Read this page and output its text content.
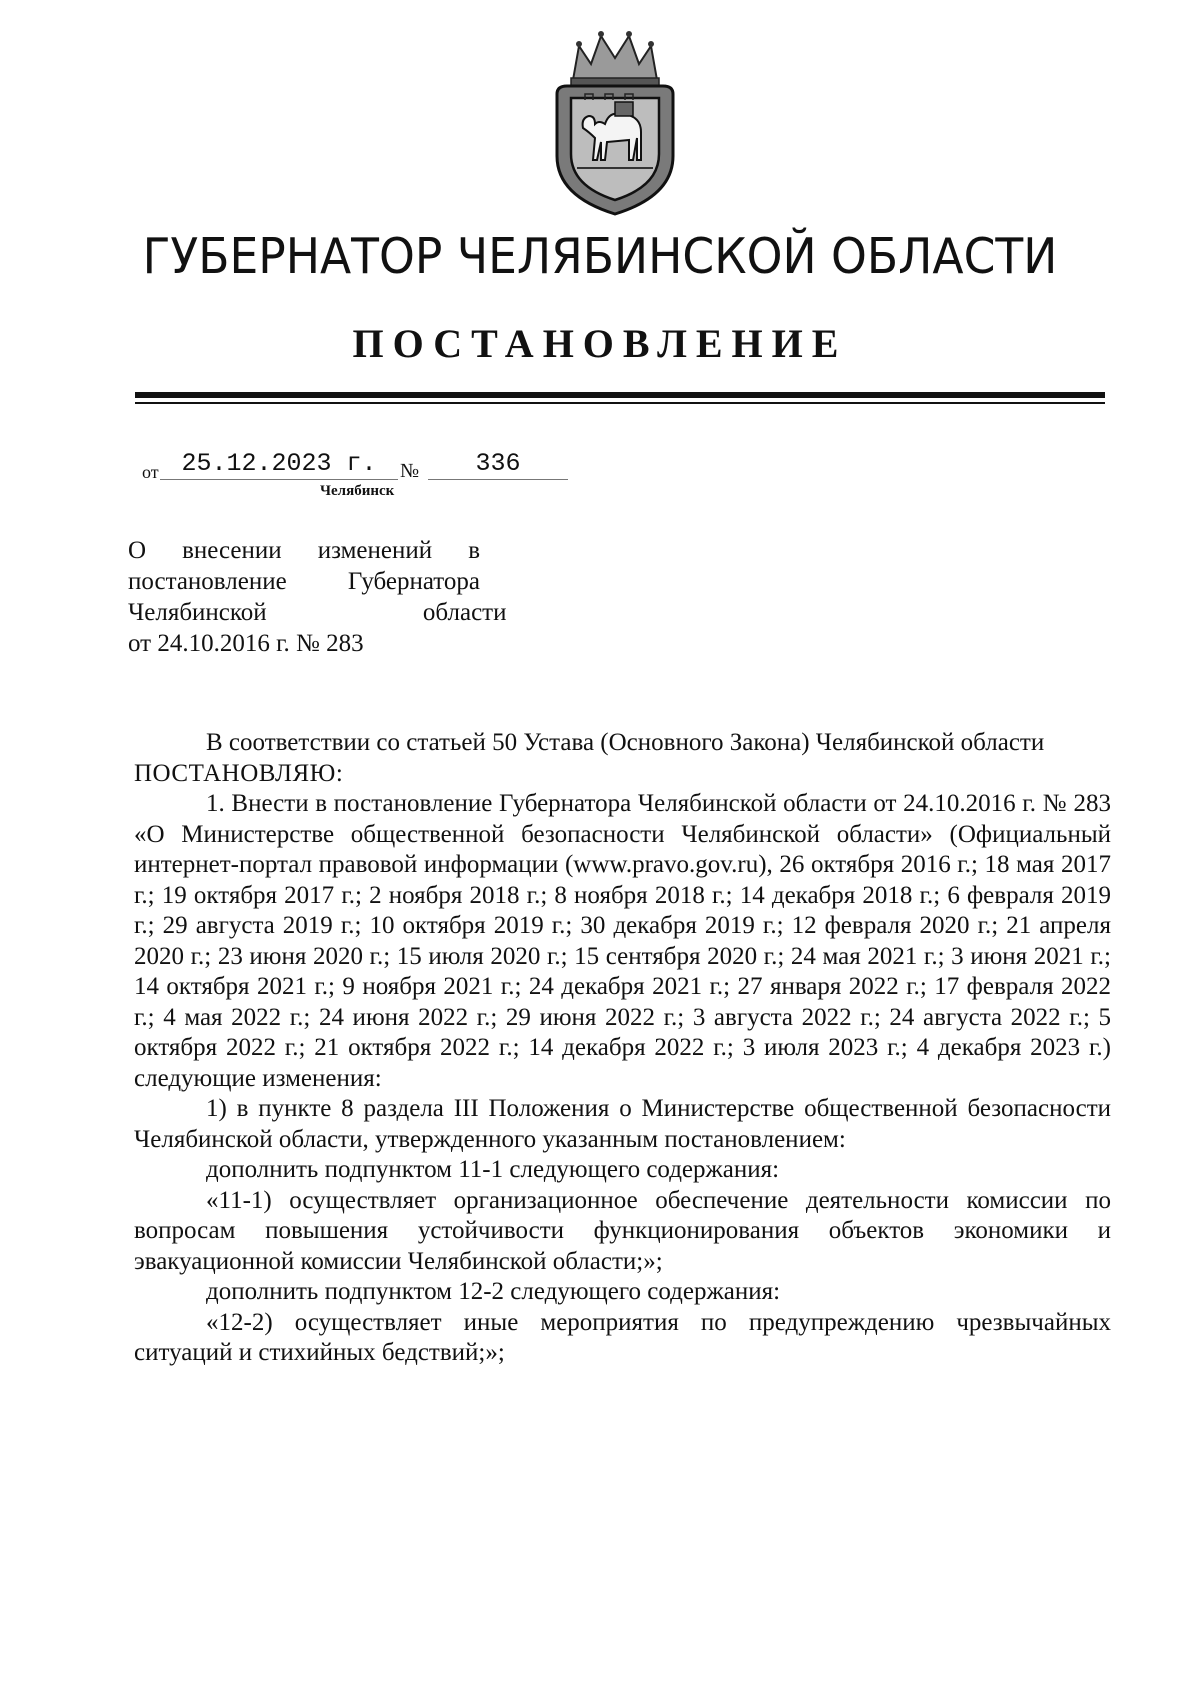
ГУБЕРНАТОР ЧЕЛЯБИНСКОЙ ОБЛАСТИ
ПОСТАНОВЛЕНИЕ
от 25.12.2023 г.	№	336
Челябинск
О внесении изменений в
постановление Губернатора
Челябинской области
от 24.10.2016 г. № 283

В соответствии со статьей 50 Устава (Основного Закона) Челябинской области

ПОСТАНОВЛЯЮ:

1. Внести в постановление Губернатора Челябинской области от 24.10.2016 г. № 283 «О Министерстве общественной безопасности Челябинской области» (Официальный интернет-портал правовой информации (www.pravo.gov.ru), 26 октября 2016 г.; 18 мая 2017 г.; 19 октября 2017 г.; 2 ноября 2018 г.; 8 ноября 2018 г.; 14 декабря 2018 г.; 6 февраля 2019 г.; 29 августа 2019 г.; 10 октября 2019 г.; 30 декабря 2019 г.; 12 февраля 2020 г.; 21 апреля 2020 г.; 23 июня 2020 г.; 15 июля 2020 г.; 15 сентября 2020 г.; 24 мая 2021 г.; 3 июня 2021 г.; 14 октября 2021 г.; 9 ноября 2021 г.; 24 декабря 2021 г.; 27 января 2022 г.; 17 февраля 2022 г.; 4 мая 2022 г.; 24 июня 2022 г.; 29 июня 2022 г.; 3 августа 2022 г.; 24 августа 2022 г.; 5 октября 2022 г.; 21 октября 2022 г.; 14 декабря 2022 г.; 3 июля 2023 г.; 4 декабря 2023 г.) следующие изменения:

1) в пункте 8 раздела III Положения о Министерстве общественной безопасности Челябинской области, утвержденного указанным постановлением:

дополнить подпунктом 11-1 следующего содержания:

«11-1) осуществляет организационное обеспечение деятельности комиссии по вопросам повышения устойчивости функционирования объектов экономики и эвакуационной комиссии Челябинской области;»;

дополнить подпунктом 12-2 следующего содержания:

«12-2) осуществляет иные мероприятия по предупреждению чрезвычайных ситуаций и стихийных бедствий;»;
